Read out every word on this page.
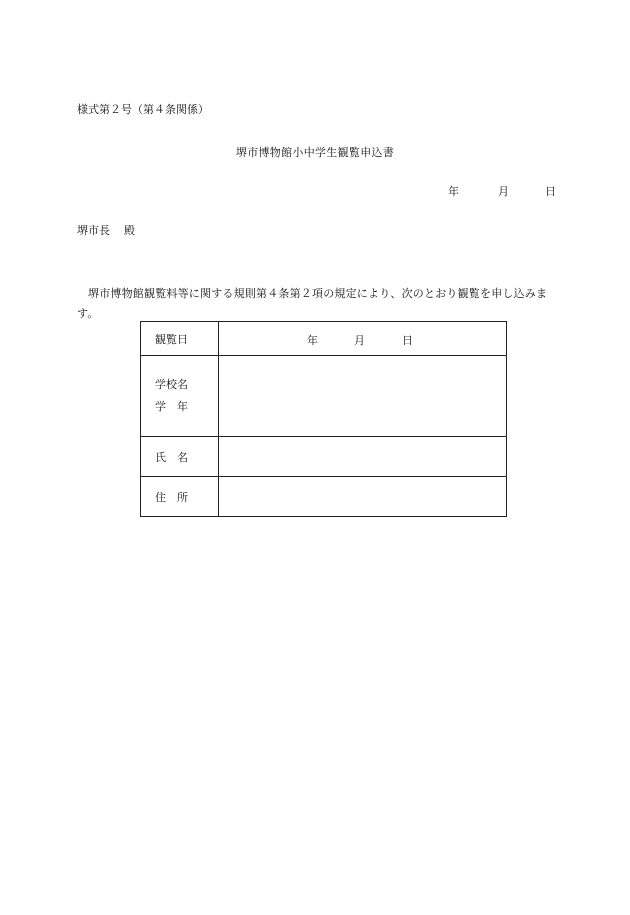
様式第２号（第４条関係）
堺市博物館小中学生観覧申込書
年	月	日
堺市長 殿
堺市博物館観覧料等に関する規則第４条第２項の規定により、次のとおり観覧を申し込みます。
観覧日	年 月 日

学校名
学　年	

氏　名	
住　所	
